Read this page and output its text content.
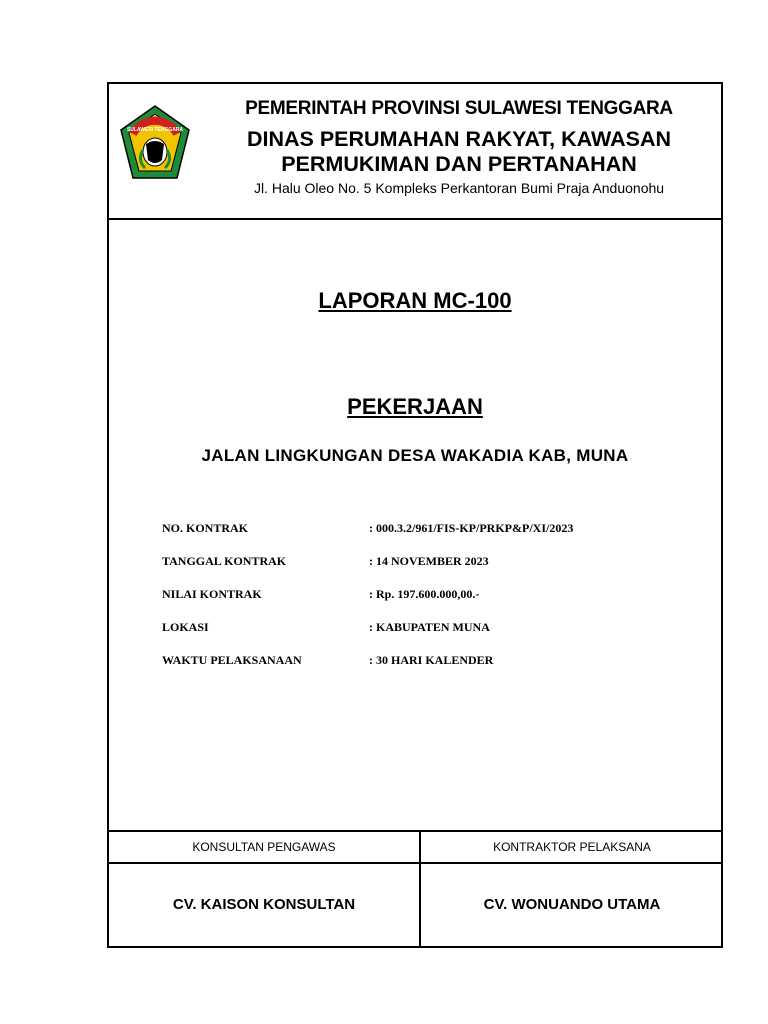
SULAWESI TENGGARA
PEMERINTAH PROVINSI SULAWESI TENGGARA
DINAS PERUMAHAN RAKYAT, KAWASAN
PERMUKIMAN DAN PERTANAHAN
Jl. Halu Oleo No. 5 Kompleks Perkantoran Bumi Praja Anduonohu
LAPORAN MC-100
PEKERJAAN
JALAN LINGKUNGAN DESA WAKADIA KAB, MUNA
NO. KONTRAK	: 000.3.2/961/FIS-KP/PRKP&P/XI/2023
TANGGAL KONTRAK	: 14 NOVEMBER 2023
NILAI KONTRAK	: Rp. 197.600.000,00.-
LOKASI	: KABUPATEN MUNA
WAKTU PELAKSANAAN	: 30 HARI KALENDER
KONSULTAN PENGAWAS	KONTRAKTOR PELAKSANA
CV. KAISON KONSULTAN	CV. WONUANDO UTAMA
